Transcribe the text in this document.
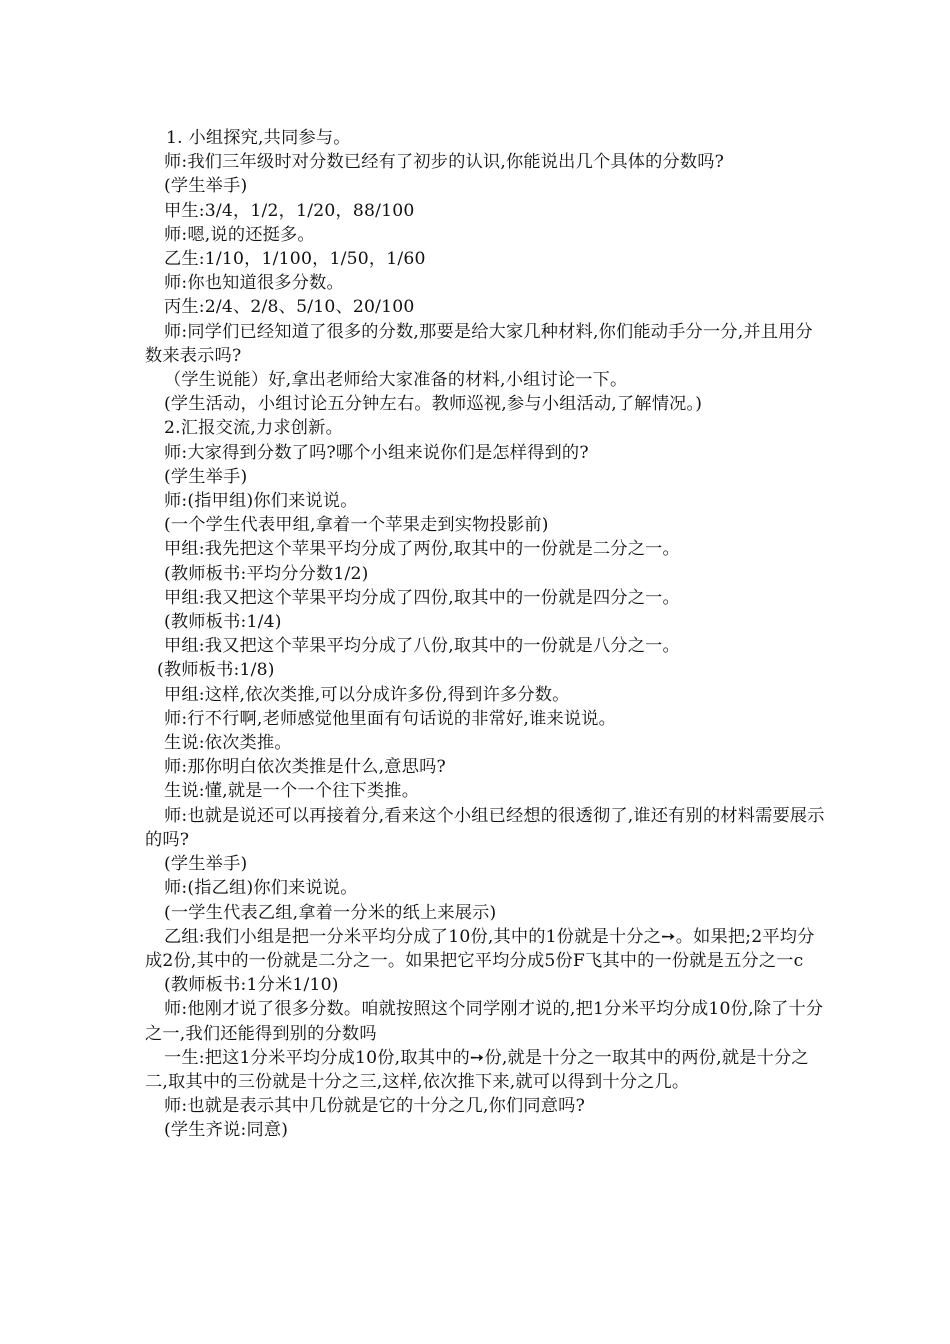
1. 小组探究,共同参与。

师:我们三年级时对分数已经有了初步的认识,你能说出几个具体的分数吗?

(学生举手)

甲生:3/4，1/2，1/20，88/100

师:嗯,说的还挺多。

乙生:1/10，1/100，1/50，1/60

师:你也知道很多分数。

丙生:2/4、2/8、5/10、20/100

师:同学们已经知道了很多的分数,那要是给大家几种材料,你们能动手分一分,并且用分数来表示吗?

（学生说能）好,拿出老师给大家准备的材料,小组讨论一下。

(学生活动，小组讨论五分钟左右。教师巡视,参与小组活动,了解情况。)

2.汇报交流,力求创新。

师:大家得到分数了吗?哪个小组来说你们是怎样得到的?

(学生举手)

师:(指甲组)你们来说说。

(一个学生代表甲组,拿着一个苹果走到实物投影前)

甲组:我先把这个苹果平均分成了两份,取其中的一份就是二分之一。

(教师板书:平均分分数1/2)

甲组:我又把这个苹果平均分成了四份,取其中的一份就是四分之一。

(教师板书:1/4)

甲组:我又把这个苹果平均分成了八份,取其中的一份就是八分之一。

(教师板书:1/8)

甲组:这样,依次类推,可以分成许多份,得到许多分数。

师:行不行啊,老师感觉他里面有句话说的非常好,谁来说说。

生说:依次类推。

师:那你明白依次类推是什么,意思吗?

生说:懂,就是一个一个往下类推。

师:也就是说还可以再接着分,看来这个小组已经想的很透彻了,谁还有别的材料需要展示的吗?

(学生举手)

师:(指乙组)你们来说说。

(一学生代表乙组,拿着一分米的纸上来展示)

乙组:我们小组是把一分米平均分成了10份,其中的1份就是十分之➙。如果把;2平均分成2份,其中的一份就是二分之一。如果把它平均分成5份F飞其中的一份就是五分之一c

(教师板书:1分米1/10)

师:他刚才说了很多分数。咱就按照这个同学刚才说的,把1分米平均分成10份,除了十分之一,我们还能得到别的分数吗

一生:把这1分米平均分成10份,取其中的➙份,就是十分之一取其中的两份,就是十分之二,取其中的三份就是十分之三,这样,依次推下来,就可以得到十分之几。

师:也就是表示其中几份就是它的十分之几,你们同意吗?

(学生齐说:同意)
